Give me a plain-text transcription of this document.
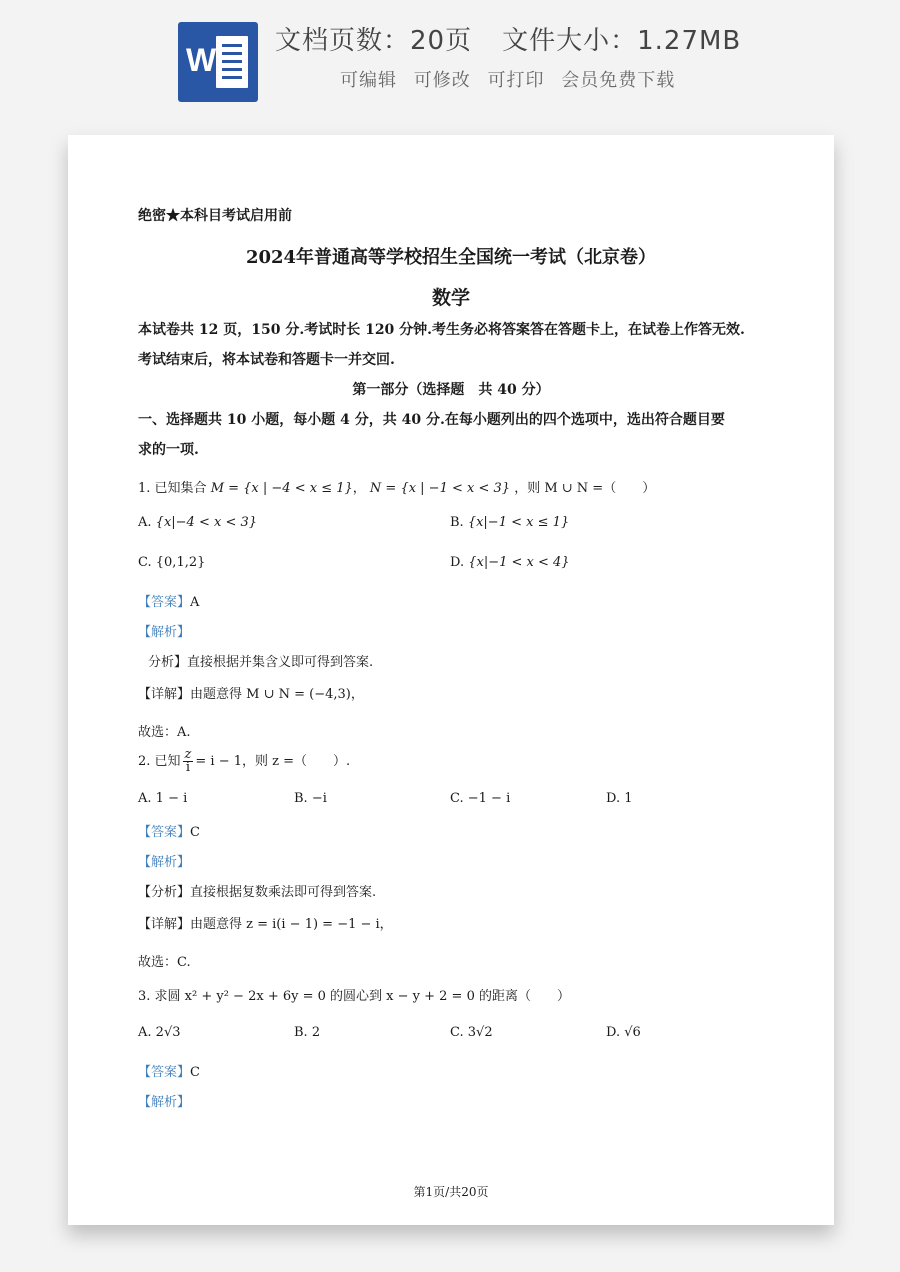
W
文档页数：20页 文件大小：1.27MB
可编辑 可修改 可打印 会员免费下载
绝密★本科目考试启用前
2024年普通高等学校招生全国统一考试（北京卷）
数学
本试卷共 12 页，150 分.考试时长 120 分钟.考生务必将答案答在答题卡上，在试卷上作答无效.
考试结束后，将本试卷和答题卡一并交回.
第一部分（选择题　共 40 分）
一、选择题共 10 小题，每小题 4 分，共 40 分.在每小题列出的四个选项中，选出符合题目要
求的一项.
1. 已知集合 M = {x | −4 < x ≤ 1}， N = {x | −1 < x < 3} ，则 M ∪ N =（　　）
A. {x|−4 < x < 3}	B. {x|−1 < x ≤ 1}
C. {0,1,2}	D. {x|−1 < x < 4}
【答案】A
【解析】
分析】直接根据并集含义即可得到答案.
【详解】由题意得 M ∪ N = (−4,3)，
故选：A.
2. 已知 $\frac{z}{i} = i - 1$，则 z =（　　）.
A. 1 − i	B. −i	C. −1 − i	D. 1
【答案】C
【解析】
【分析】直接根据复数乘法即可得到答案.
【详解】由题意得 z = i(i − 1) = −1 − i，
故选：C.
3. 求圆 x² + y² − 2x + 6y = 0 的圆心到 x − y + 2 = 0 的距离（　　）
A. 2√3	B. 2	C. 3√2	D. √6
【答案】C
【解析】
第1页/共20页
